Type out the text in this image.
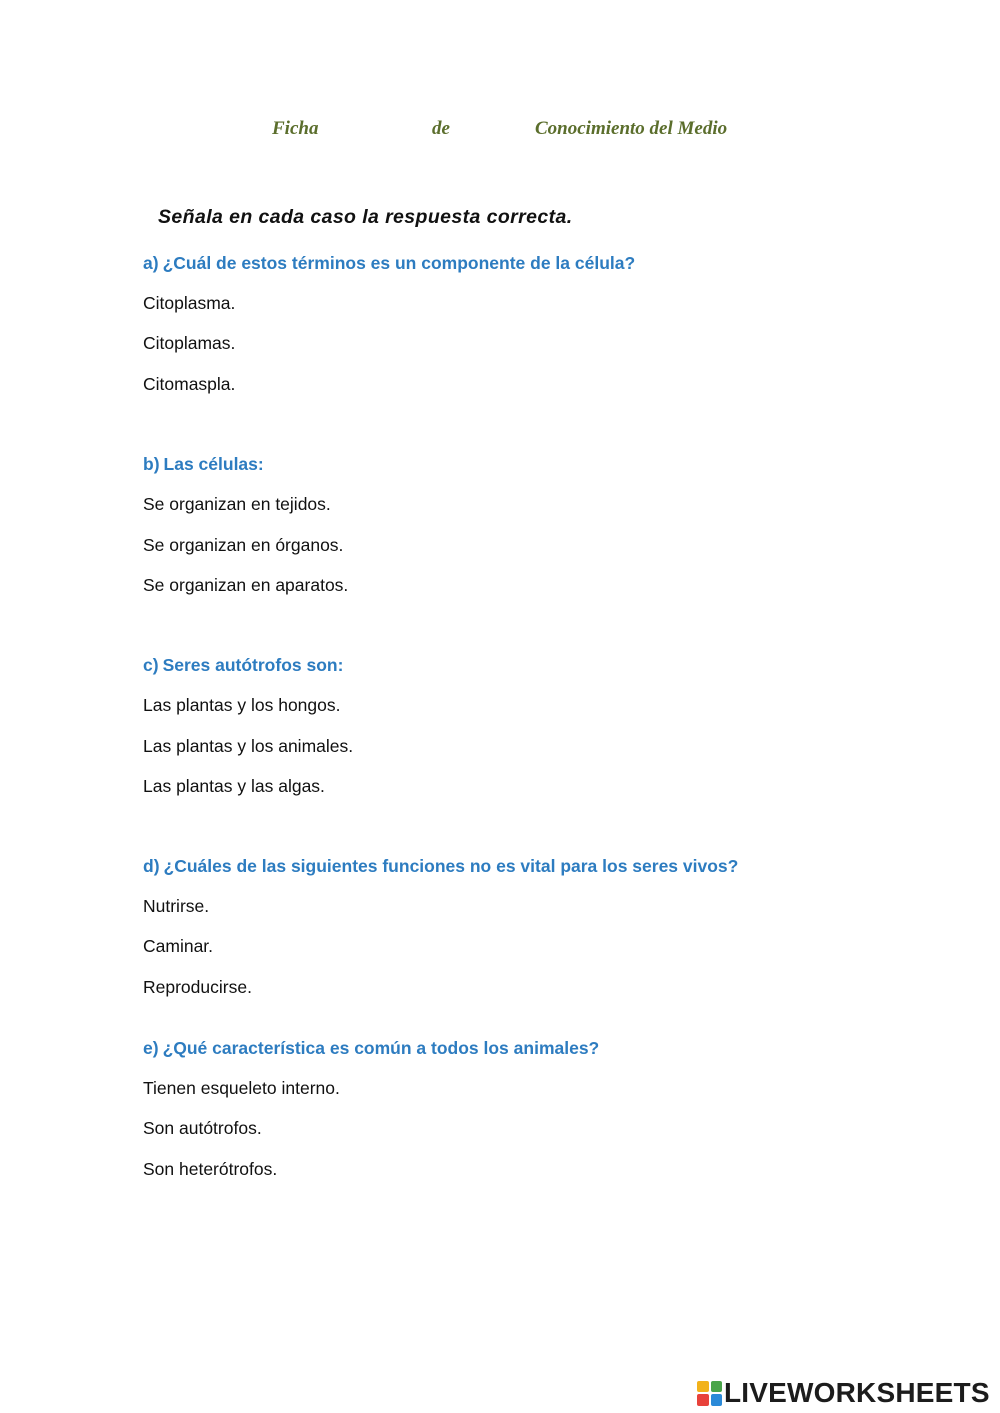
Ficha	de	Conocimiento del Medio
Señala en cada caso la respuesta correcta.
a) ¿Cuál de estos términos es un componente de la célula?
Citoplasma.
Citoplamas.
Citomaspla.
b) Las células:
Se organizan en tejidos.
Se organizan en órganos.
Se organizan en aparatos.
c) Seres autótrofos son:
Las plantas y los hongos.
Las plantas y los animales.
Las plantas y las algas.
d) ¿Cuáles de las siguientes funciones no es vital para los seres vivos?
Nutrirse.
Caminar.
Reproducirse.
e) ¿Qué característica es común a todos los animales?
Tienen esqueleto interno.
Son autótrofos.
Son heterótrofos.
LIVEWORKSHEETS
